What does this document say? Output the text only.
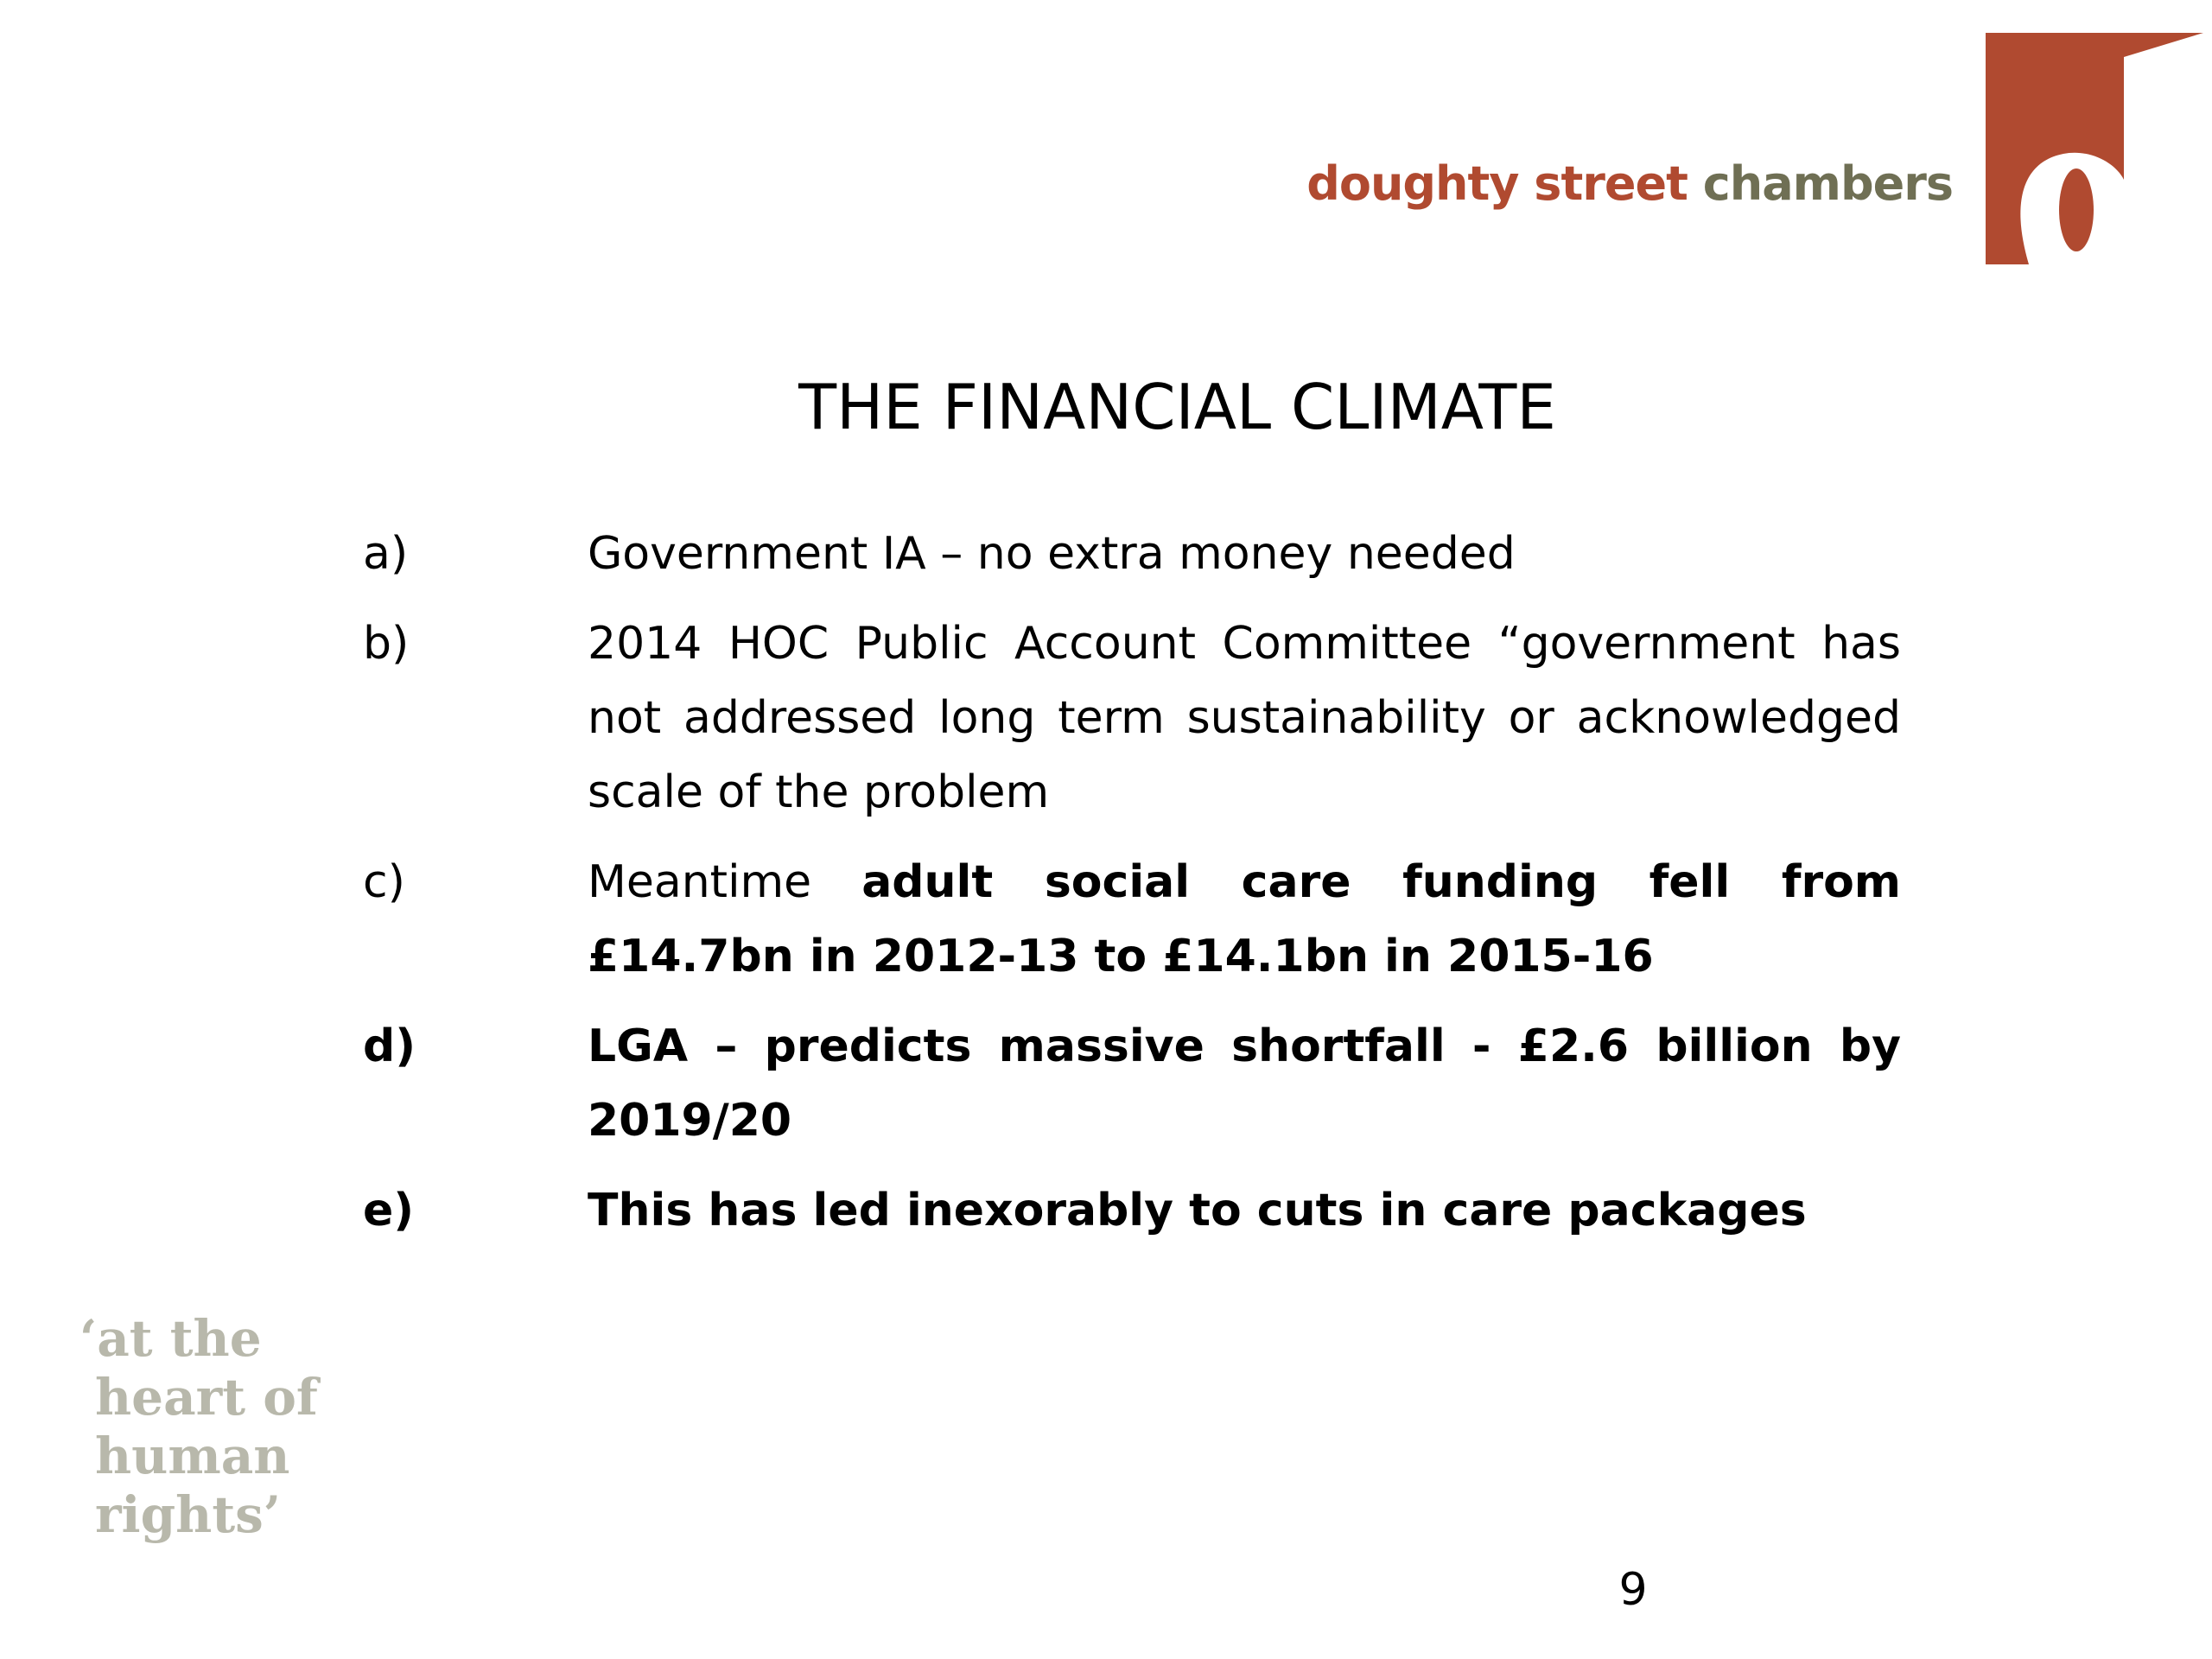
doughty street chambers
THE FINANCIAL CLIMATE
a)	Government IA – no extra money needed
b)	2014 HOC Public Account Committee “government has not addressed long term sustainability or acknowledged scale of the problem
c)	Meantime adult social care funding fell from £14.7bn in 2012-13 to £14.1bn in 2015-16
d)	LGA – predicts massive shortfall - £2.6 billion by 2019/20
e)	This has led inexorably to cuts in care packages
‘at the
heart of
human
rights’
9
